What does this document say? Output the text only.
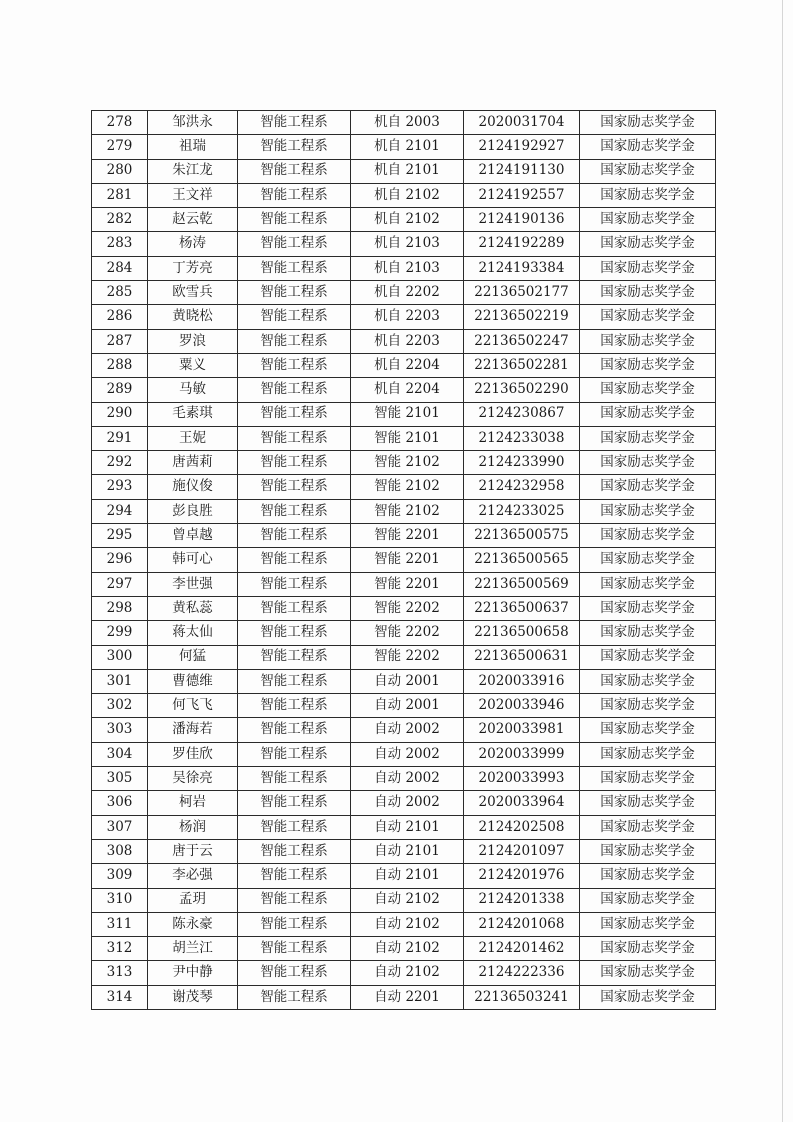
278	邹洪永	智能工程系	机自 2003	2020031704	国家励志奖学金
279	祖瑞	智能工程系	机自 2101	2124192927	国家励志奖学金
280	朱江龙	智能工程系	机自 2101	2124191130	国家励志奖学金
281	王文祥	智能工程系	机自 2102	2124192557	国家励志奖学金
282	赵云乾	智能工程系	机自 2102	2124190136	国家励志奖学金
283	杨涛	智能工程系	机自 2103	2124192289	国家励志奖学金
284	丁芳亮	智能工程系	机自 2103	2124193384	国家励志奖学金
285	欧雪兵	智能工程系	机自 2202	22136502177	国家励志奖学金
286	黄晓松	智能工程系	机自 2203	22136502219	国家励志奖学金
287	罗浪	智能工程系	机自 2203	22136502247	国家励志奖学金
288	粟义	智能工程系	机自 2204	22136502281	国家励志奖学金
289	马敏	智能工程系	机自 2204	22136502290	国家励志奖学金
290	毛素琪	智能工程系	智能 2101	2124230867	国家励志奖学金
291	王妮	智能工程系	智能 2101	2124233038	国家励志奖学金
292	唐茜莉	智能工程系	智能 2102	2124233990	国家励志奖学金
293	施仪俊	智能工程系	智能 2102	2124232958	国家励志奖学金
294	彭良胜	智能工程系	智能 2102	2124233025	国家励志奖学金
295	曾卓越	智能工程系	智能 2201	22136500575	国家励志奖学金
296	韩可心	智能工程系	智能 2201	22136500565	国家励志奖学金
297	李世强	智能工程系	智能 2201	22136500569	国家励志奖学金
298	黄私蕊	智能工程系	智能 2202	22136500637	国家励志奖学金
299	蒋太仙	智能工程系	智能 2202	22136500658	国家励志奖学金
300	何猛	智能工程系	智能 2202	22136500631	国家励志奖学金
301	曹德维	智能工程系	自动 2001	2020033916	国家励志奖学金
302	何飞飞	智能工程系	自动 2001	2020033946	国家励志奖学金
303	潘海若	智能工程系	自动 2002	2020033981	国家励志奖学金
304	罗佳欣	智能工程系	自动 2002	2020033999	国家励志奖学金
305	吴徐亮	智能工程系	自动 2002	2020033993	国家励志奖学金
306	柯岩	智能工程系	自动 2002	2020033964	国家励志奖学金
307	杨润	智能工程系	自动 2101	2124202508	国家励志奖学金
308	唐于云	智能工程系	自动 2101	2124201097	国家励志奖学金
309	李必强	智能工程系	自动 2101	2124201976	国家励志奖学金
310	孟玥	智能工程系	自动 2102	2124201338	国家励志奖学金
311	陈永豪	智能工程系	自动 2102	2124201068	国家励志奖学金
312	胡兰江	智能工程系	自动 2102	2124201462	国家励志奖学金
313	尹中静	智能工程系	自动 2102	2124222336	国家励志奖学金
314	谢茂琴	智能工程系	自动 2201	22136503241	国家励志奖学金
